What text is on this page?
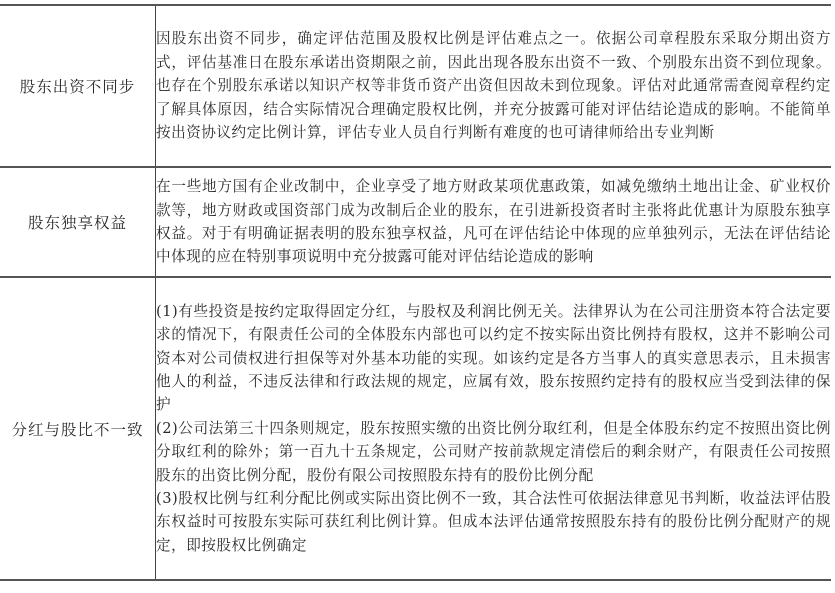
股东出资不同步	因股东出资不同步，确定评估范围及股权比例是评估难点之一。依据公司章程股东采取分期出资方式，评估基准日在股东承诺出资期限之前，因此出现各股东出资不一致、个别股东出资不到位现象。也存在个别股东承诺以知识产权等非货币资产出资但因故未到位现象。评估对此通常需查阅章程约定了解具体原因，结合实际情况合理确定股权比例，并充分披露可能对评估结论造成的影响。不能简单按出资协议约定比例计算，评估专业人员自行判断有难度的也可请律师给出专业判断

股东独享权益	在一些地方国有企业改制中，企业享受了地方财政某项优惠政策，如减免缴纳土地出让金、矿业权价款等，地方财政或国资部门成为改制后企业的股东，在引进新投资者时主张将此优惠计为原股东独享权益。对于有明确证据表明的股东独享权益，凡可在评估结论中体现的应单独列示，无法在评估结论中体现的应在特别事项说明中充分披露可能对评估结论造成的影响

分红与股比不一致	(1)有些投资是按约定取得固定分红，与股权及利润比例无关。法律界认为在公司注册资本符合法定要求的情况下，有限责任公司的全体股东内部也可以约定不按实际出资比例持有股权，这并不影响公司资本对公司债权进行担保等对外基本功能的实现。如该约定是各方当事人的真实意思表示，且未损害他人的利益，不违反法律和行政法规的规定，应属有效，股东按照约定持有的股权应当受到法律的保护

(2)公司法第三十四条则规定，股东按照实缴的出资比例分取红利，但是全体股东约定不按照出资比例分取红利的除外；第一百九十五条规定，公司财产按前款规定清偿后的剩余财产，有限责任公司按照股东的出资比例分配，股份有限公司按照股东持有的股份比例分配

(3)股权比例与红利分配比例或实际出资比例不一致，其合法性可依据法律意见书判断，收益法评估股东权益时可按股东实际可获红利比例计算。但成本法评估通常按照股东持有的股份比例分配财产的规定，即按股权比例确定
